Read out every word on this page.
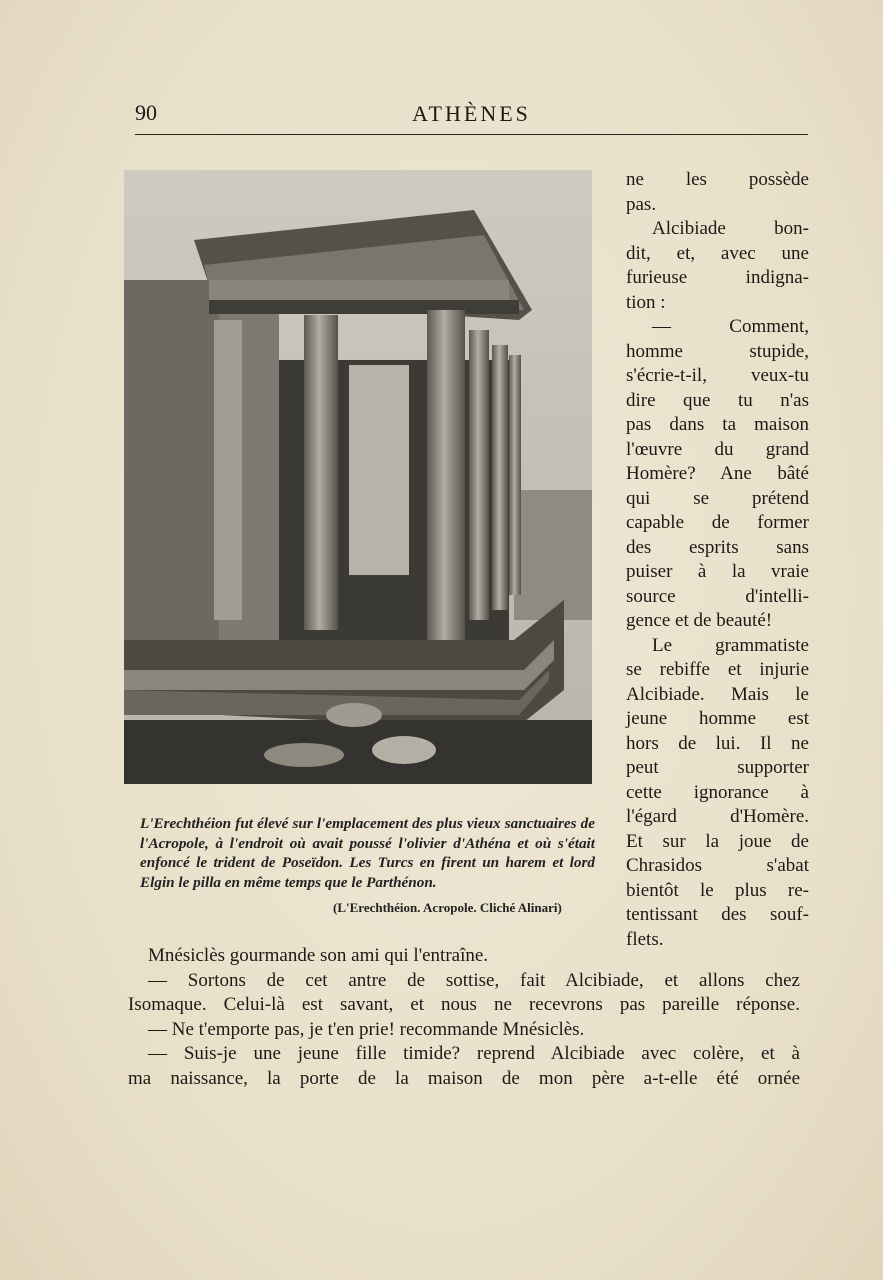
90	ATHÈNES
L'Erechthéion fut élevé sur l'emplacement des plus vieux sanctuaires de l'Acropole, à l'endroit où avait poussé l'olivier d'Athéna et où s'était enfoncé le trident de Poseïdon. Les Turcs en firent un harem et lord Elgin le pilla en même temps que le Parthénon.
(L'Erechthéion. Acropole. Cliché Alinari)
ne les possède
pas.
Alcibiade bon-
dit, et, avec une
furieuse indigna-
tion :
— Comment,
homme stupide,
s'écrie-t-il, veux-tu
dire que tu n'as
pas dans ta maison
l'œuvre du grand
Homère? Ane bâté
qui se prétend
capable de former
des esprits sans
puiser à la vraie
source d'intelli-
gence et de beauté!
Le grammatiste
se rebiffe et injurie
Alcibiade. Mais le
jeune homme est
hors de lui. Il ne
peut supporter
cette ignorance à
l'égard d'Homère.
Et sur la joue de
Chrasidos s'abat
bientôt le plus re-
tentissant des souf-
flets.
Mnésiclès gourmande son ami qui l'entraîne.
— Sortons de cet antre de sottise, fait Alcibiade, et allons chez
Isomaque. Celui-là est savant, et nous ne recevrons pas pareille réponse.
— Ne t'emporte pas, je t'en prie! recommande Mnésiclès.
— Suis-je une jeune fille timide? reprend Alcibiade avec colère, et à
ma naissance, la porte de la maison de mon père a-t-elle été ornée
